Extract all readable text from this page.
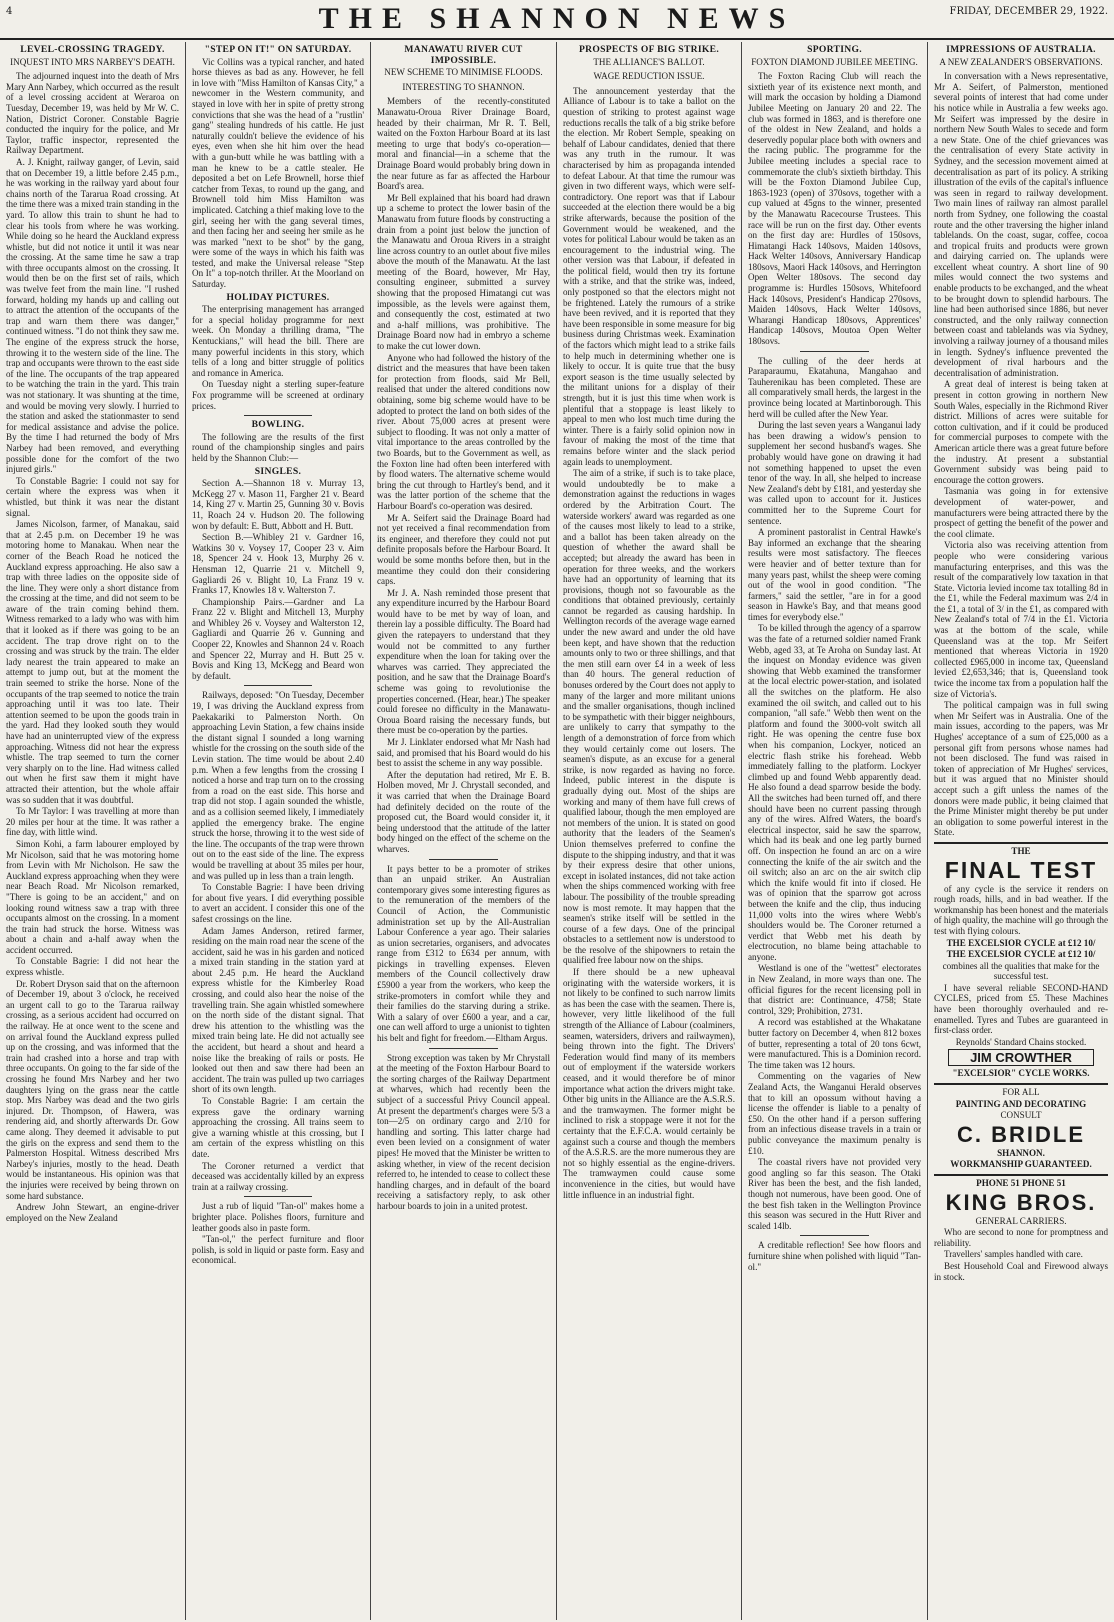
4	THE SHANNON NEWS	FRIDAY, DECEMBER 29, 1922.

LEVEL-CROSSING TRAGEDY.

INQUEST INTO MRS NARBEY'S DEATH.

The adjourned inquest into the death of Mrs Mary Ann Narbey, which occurred as the result of a level crossing accident at Weraroa on Tuesday, December 19, was held by Mr W. C. Nation, District Coroner. Constable Bagrie conducted the inquiry for the police, and Mr Taylor, traffic inspector, represented the Railway Department.

A. J. Knight, railway ganger, of Levin, said that on December 19, a little before 2.45 p.m., he was working in the railway yard about four chains north of the Tararua Road crossing. At the time there was a mixed train standing in the yard. To allow this train to shunt he had to clear his tools from where he was working. While doing so he heard the Auckland express whistle, but did not notice it until it was near the crossing. At the same time he saw a trap with three occupants almost on the crossing. It would then be on the first set of rails, which was twelve feet from the main line. "I rushed forward, holding my hands up and calling out to attract the attention of the occupants of the trap and warn them there was danger," continued witness. "I do not think they saw me. The engine of the express struck the horse, throwing it to the western side of the line. The trap and occupants were thrown to the east side of the line. The occupants of the trap appeared to be watching the train in the yard. This train was not stationary. It was shunting at the time, and would be moving very slowly. I hurried to the station and asked the stationmaster to send for medical assistance and advise the police. By the time I had returned the body of Mrs Narbey had been removed, and everything possible done for the comfort of the two injured girls."

To Constable Bagrie: I could not say for certain where the express was when it whistled, but think it was near the distant signal.

James Nicolson, farmer, of Manakau, said that at 2.45 p.m. on December 19 he was motoring home to Manakau. When near the corner of the Beach Road he noticed the Auckland express approaching. He also saw a trap with three ladies on the opposite side of the line. They were only a short distance from the crossing at the time, and did not seem to be aware of the train coming behind them. Witness remarked to a lady who was with him that it looked as if there was going to be an accident. The trap drove right on to the crossing and was struck by the train. The elder lady nearest the train appeared to make an attempt to jump out, but at the moment the train seemed to strike the horse. None of the occupants of the trap seemed to notice the train approaching until it was too late. Their attention seemed to be upon the goods train in the yard. Had they looked south they would have had an uninterrupted view of the express approaching. Witness did not hear the express whistle. The trap seemed to turn the corner very sharply on to the line. Had witness called out when he first saw them it might have attracted their attention, but the whole affair was so sudden that it was doubtful.

To Mr Taylor: I was travelling at more than 20 miles per hour at the time. It was rather a fine day, with little wind.

Simon Kohi, a farm labourer employed by Mr Nicolson, said that he was motoring home from Levin with Mr Nicholson. He saw the Auckland express approaching when they were near Beach Road. Mr Nicolson remarked, "There is going to be an accident," and on looking round witness saw a trap with three occupants almost on the crossing. In a moment the train had struck the horse. Witness was about a chain and a-half away when the accident occurred.

To Constable Bagrie: I did not hear the express whistle.

Dr. Robert Dryson said that on the afternoon of December 19, about 3 o'clock, he received an urgent call to go to the Tararua railway crossing, as a serious accident had occurred on the railway. He at once went to the scene and on arrival found the Auckland express pulled up on the crossing, and was informed that the train had crashed into a horse and trap with three occupants. On going to the far side of the crossing he found Mrs Narbey and her two daughters lying on the grass near the cattle stop. Mrs Narbey was dead and the two girls injured. Dr. Thompson, of Hawera, was rendering aid, and shortly afterwards Dr. Gow came along. They deemed it advisable to put the girls on the express and send them to the Palmerston Hospital. Witness described Mrs Narbey's injuries, mostly to the head. Death would be instantaneous. His opinion was that the injuries were received by being thrown on some hard substance.

Andrew John Stewart, an engine-driver employed on the New Zealand

"STEP ON IT!" ON SATURDAY.

Vic Collins was a typical rancher, and hated horse thieves as bad as any. However, he fell in love with "Miss Hamilton of Kansas City," a newcomer in the Western community, and stayed in love with her in spite of pretty strong convictions that she was the head of a "rustlin' gang" stealing hundreds of his cattle. He just naturally couldn't believe the evidence of his eyes, even when she hit him over the head with a gun-butt while he was battling with a man he knew to be a cattle stealer. He deposited a bet on Lefe Brownell, horse thief catcher from Texas, to round up the gang, and Brownell told him Miss Hamilton was implicated. Catching a thief making love to the girl, seeing her with the gang several times, and then facing her and seeing her smile as he was marked "next to be shot" by the gang, were some of the ways in which his faith was tested, and make the Universal release "Step On It" a top-notch thriller. At the Moorland on Saturday.

HOLIDAY PICTURES.

The enterprising management has arranged for a special holiday programme for next week. On Monday a thrilling drama, "The Kentuckians," will head the bill. There are many powerful incidents in this story, which tells of a long and bitter struggle of politics and romance in America.

On Tuesday night a sterling super-feature Fox programme will be screened at ordinary prices.

BOWLING.

The following are the results of the first round of the championship singles and pairs held by the Shannon Club:—

SINGLES.

Section A.—Shannon 18 v. Murray 13, McKegg 27 v. Mason 11, Fargher 21 v. Beard 14, King 27 v. Martin 25, Gunning 30 v. Bovis 11, Roach 24 v. Hudson 20. The following won by default: E. Butt, Abbott and H. Butt.

Section B.—Whibley 21 v. Gardner 16, Watkins 30 v. Voysey 17, Cooper 23 v. Aim 18, Spencer 24 v. Hook 13, Murphy 26 v. Hensman 12, Quarrie 21 v. Mitchell 9, Gagliardi 26 v. Blight 10, La Franz 19 v. Franks 17, Knowles 18 v. Walterston 7.

Championship Pairs.—Gardner and La Franz 22 v. Blight and Mitchell 13, Murphy and Whibley 26 v. Voysey and Walterston 12, Gagliardi and Quarrie 26 v. Gunning and Cooper 22, Knowles and Shannon 24 v. Roach and Spencer 22, Murray and H. Butt 25 v. Bovis and King 13, McKegg and Beard won by default.

Railways, deposed: "On Tuesday, December 19, I was driving the Auckland express from Paekakariki to Palmerston North. On approaching Levin Station, a few chains inside the distant signal I sounded a long warning whistle for the crossing on the south side of the Levin station. The time would be about 2.40 p.m. When a few lengths from the crossing I noticed a horse and trap turn on to the crossing from a road on the east side. This horse and trap did not stop. I again sounded the whistle, and as a collision seemed likely, I immediately applied the emergency brake. The engine struck the horse, throwing it to the west side of the line. The occupants of the trap were thrown out on to the east side of the line. The express would be travelling at about 35 miles per hour, and was pulled up in less than a train length.

To Constable Bagrie: I have been driving for about five years. I did everything possible to avert an accident. I consider this one of the safest crossings on the line.

Adam James Anderson, retired farmer, residing on the main road near the scene of the accident, said he was in his garden and noticed a mixed train standing in the station yard at about 2.45 p.m. He heard the Auckland express whistle for the Kimberley Road crossing, and could also hear the noise of the travelling train. She again whistled somewhere on the north side of the distant signal. That drew his attention to the whistling was the mixed train being late. He did not actually see the accident, but heard a shout and heard a noise like the breaking of rails or posts. He looked out then and saw there had been an accident. The train was pulled up two carriages short of its own length.

To Constable Bagrie: I am certain the express gave the ordinary warning approaching the crossing. All trains seem to give a warning whistle at this crossing, but I am certain of the express whistling on this date.

The Coroner returned a verdict that deceased was accidentally killed by an express train at a railway crossing.

Just a rub of liquid "Tan-ol" makes home a brighter place. Polishes floors, furniture and leather goods also in paste form.

"Tan-ol," the perfect furniture and floor polish, is sold in liquid or paste form. Easy and economical.

MANAWATU RIVER CUT IMPOSSIBLE.

NEW SCHEME TO MINIMISE FLOODS.

INTERESTING TO SHANNON.

Members of the recently-constituted Manawatu-Oroua River Drainage Board, headed by their chairman, Mr R. T. Bell, waited on the Foxton Harbour Board at its last meeting to urge that body's co-operation—moral and financial—in a scheme that the Drainage Board would probably bring down in the near future as far as affected the Harbour Board's area.

Mr Bell explained that his board had drawn up a scheme to protect the lower basin of the Manawatu from future floods by constructing a drain from a point just below the junction of the Manawatu and Oroua Rivers in a straight line across country to an outlet about five miles above the mouth of the Manawatu. At the last meeting of the Board, however, Mr Hay, consulting engineer, submitted a survey showing that the proposed Himatangi cut was impossible, as the levels were against them, and consequently the cost, estimated at two and a-half millions, was prohibitive. The Drainage Board now had in embryo a scheme to make the cut lower down.

Anyone who had followed the history of the district and the measures that have been taken for protection from floods, said Mr Bell, realised that under the altered conditions now obtaining, some big scheme would have to be adopted to protect the land on both sides of the river. About 75,000 acres at present were subject to flooding. It was not only a matter of vital importance to the areas controlled by the two Boards, but to the Government as well, as the Foxton line had often been interfered with by flood waters. The alternative scheme would bring the cut through to Hartley's bend, and it was the latter portion of the scheme that the Harbour Board's co-operation was desired.

Mr A. Seifert said the Drainage Board had not yet received a final recommendation from its engineer, and therefore they could not put definite proposals before the Harbour Board. It would be some months before then, but in the meantime they could don their considering caps.

Mr J. A. Nash reminded those present that any expenditure incurred by the Harbour Board would have to be met by way of loan, and therein lay a possible difficulty. The Board had given the ratepayers to understand that they would not be committed to any further expenditure when the loan for taking over the wharves was carried. They appreciated the position, and he saw that the Drainage Board's scheme was going to revolutionise the properties concerned. (Hear, hear.) The speaker could foresee no difficulty in the Manawatu-Oroua Board raising the necessary funds, but there must be co-operation by the parties.

Mr J. Linklater endorsed what Mr Nash had said, and promised that his Board would do his best to assist the scheme in any way possible.

After the deputation had retired, Mr E. B. Holben moved, Mr J. Chrystall seconded, and it was carried that when the Drainage Board had definitely decided on the route of the proposed cut, the Board would consider it, it being understood that the attitude of the latter body hinged on the effect of the scheme on the wharves.

It pays better to be a promoter of strikes than an unpaid striker. An Australian contemporary gives some interesting figures as to the remuneration of the members of the Council of Action, the Communistic administration set up by the All-Australian Labour Conference a year ago. Their salaries as union secretaries, organisers, and advocates range from £312 to £634 per annum, with pickings in travelling expenses. Eleven members of the Council collectively draw £5900 a year from the workers, who keep the strike-promoters in comfort while they and their families do the starving during a strike. With a salary of over £600 a year, and a car, one can well afford to urge a unionist to tighten his belt and fight for freedom.—Eltham Argus.

Strong exception was taken by Mr Chrystall at the meeting of the Foxton Harbour Board to the sorting charges of the Railway Department at wharves, which had recently been the subject of a successful Privy Council appeal. At present the department's charges were 5/3 a ton—2/5 on ordinary cargo and 2/10 for handling and sorting. This latter charge had even been levied on a consignment of water pipes! He moved that the Minister be written to asking whether, in view of the recent decision referred to, he intended to cease to collect these handling charges, and in default of the board receiving a satisfactory reply, to ask other harbour boards to join in a united protest.

PROSPECTS OF BIG STRIKE.

THE ALLIANCE'S BALLOT.

WAGE REDUCTION ISSUE.

The announcement yesterday that the Alliance of Labour is to take a ballot on the question of striking to protest against wage reductions recalls the talk of a big strike before the election. Mr Robert Semple, speaking on behalf of Labour candidates, denied that there was any truth in the rumour. It was characterised by him as propaganda intended to defeat Labour. At that time the rumour was given in two different ways, which were self-contradictory. One report was that if Labour succeeded at the election there would be a big strike afterwards, because the position of the Government would be weakened, and the votes for political Labour would be taken as an encouragement to the industrial wing. The other version was that Labour, if defeated in the political field, would then try its fortune with a strike, and that the strike was, indeed, only postponed so that the electors might not be frightened. Lately the rumours of a strike have been revived, and it is reported that they have been responsible in some measure for big business during Christmas week. Examination of the factors which might lead to a strike fails to help much in determining whether one is likely to occur. It is quite true that the busy export season is the time usually selected by the militant unions for a display of their strength, but it is just this time when work is plentiful that a stoppage is least likely to appeal to men who lost much time during the winter. There is a fairly solid opinion now in favour of making the most of the time that remains before winter and the slack period again leads to unemployment.

The aim of a strike, if such is to take place, would undoubtedly be to make a demonstration against the reductions in wages ordered by the Arbitration Court. The waterside workers' award was regarded as one of the causes most likely to lead to a strike, and a ballot has been taken already on the question of whether the award shall be accepted; but already the award has been in operation for three weeks, and the workers have had an opportunity of learning that its provisions, though not so favourable as the conditions that obtained previously, certainly cannot be regarded as causing hardship. In Wellington records of the average wage earned under the new award and under the old have been kept, and have shown that the reduction amounts only to two or three shillings, and that the men still earn over £4 in a week of less than 40 hours. The general reduction of bonuses ordered by the Court does not apply to many of the larger and more militant unions and the smaller organisations, though inclined to be sympathetic with their bigger neighbours, are unlikely to carry that sympathy to the length of a demonstration of force from which they would certainly come out losers. The seamen's dispute, as an excuse for a general strike, is now regarded as having no force. Indeed, public interest in the dispute is gradually dying out. Most of the ships are working and many of them have full crews of qualified labour, though the men employed are not members of the union. It is stated on good authority that the leaders of the Seamen's Union themselves preferred to confine the dispute to the shipping industry, and that it was by their express desire that other unions, except in isolated instances, did not take action when the ships commenced working with free labour. The possibility of the trouble spreading now is most remote. It may happen that the seamen's strike itself will be settled in the course of a few days. One of the principal obstacles to a settlement now is understood to be the resolve of the shipowners to retain the qualified free labour now on the ships.

If there should be a new upheaval originating with the waterside workers, it is not likely to be confined to such narrow limits as has been the case with the seamen. There is, however, very little likelihood of the full strength of the Alliance of Labour (coalminers, seamen, watersiders, drivers and railwaymen), being thrown into the fight. The Drivers' Federation would find many of its members out of employment if the waterside workers ceased, and it would therefore be of minor importance what action the drivers might take. Other big units in the Alliance are the A.S.R.S. and the tramwaymen. The former might be inclined to risk a stoppage were it not for the certainty that the E.F.C.A. would certainly be against such a course and though the members of the A.S.R.S. are the more numerous they are not so highly essential as the engine-drivers. The tramwaymen could cause some inconvenience in the cities, but would have little influence in an industrial fight.

SPORTING.

FOXTON DIAMOND JUBILEE MEETING.

The Foxton Racing Club will reach the sixtieth year of its existence next month, and will mark the occasion by holding a Diamond Jubilee Meeting on January 20 and 22. The club was formed in 1863, and is therefore one of the oldest in New Zealand, and holds a deservedly popular place both with owners and the racing public. The programme for the Jubilee meeting includes a special race to commemorate the club's sixtieth birthday. This will be the Foxton Diamond Jubilee Cup, 1863-1923 (open) of 370sovs, together with a cup valued at 45gns to the winner, presented by the Manawatu Racecourse Trustees. This race will be run on the first day. Other events on the first day are: Hurdles of 150sovs, Himatangi Hack 140sovs, Maiden 140sovs, Hack Welter 140sovs, Anniversary Handicap 180sovs, Maori Hack 140sovs, and Herrington Open Welter 180sovs. The second day programme is: Hurdles 150sovs, Whitefoord Hack 140sovs, President's Handicap 270sovs, Maiden 140sovs, Hack Welter 140sovs, Wharangi Handicap 180sovs, Apprentices' Handicap 140sovs, Moutoa Open Welter 180sovs.

The culling of the deer herds at Paraparaumu, Ekatahuna, Mangahao and Tauherenikau has been completed. These are all comparatively small herds, the largest in the province being located at Martinborough. This herd will be culled after the New Year.

During the last seven years a Wanganui lady has been drawing a widow's pension to supplement her second husband's wages. She probably would have gone on drawing it had not something happened to upset the even tenor of the way. In all, she helped to increase New Zealand's debt by £181, and yesterday she was called upon to account for it. Justices committed her to the Supreme Court for sentence.

A prominent pastoralist in Central Hawke's Bay informed an exchange that the shearing results were most satisfactory. The fleeces were heavier and of better texture than for many years past, whilst the sheep were coming out of the wool in good condition. "The farmers," said the settler, "are in for a good season in Hawke's Bay, and that means good times for everybody else."

To be killed through the agency of a sparrow was the fate of a returned soldier named Frank Webb, aged 33, at Te Aroha on Sunday last. At the inquest on Monday evidence was given showing that Webb examined the transformer at the local electric power-station, and isolated all the switches on the platform. He also examined the oil switch, and called out to his companion, "all safe." Webb then went on the platform and found the 3000-volt switch all right. He was opening the centre fuse box when his companion, Lockyer, noticed an electric flash strike his forehead. Webb immediately falling to the platform. Lockyer climbed up and found Webb apparently dead. He also found a dead sparrow beside the body. All the switches had been turned off, and there should have been no current passing through any of the wires. Alfred Waters, the board's electrical inspector, said he saw the sparrow, which had its beak and one leg partly burned off. On inspection he found an arc on a wire connecting the knife of the air switch and the oil switch; also an arc on the air switch clip which the knife would fit into if closed. He was of opinion that the sparrow got across between the knife and the clip, thus inducing 11,000 volts into the wires where Webb's shoulders would be. The Coroner returned a verdict that Webb met his death by electrocution, no blame being attachable to anyone.

Westland is one of the "wettest" electorates in New Zealand, in more ways than one. The official figures for the recent licensing poll in that district are: Continuance, 4758; State control, 329; Prohibition, 2731.

A record was established at the Whakatane butter factory on December 4, when 812 boxes of butter, representing a total of 20 tons 6cwt, were manufactured. This is a Dominion record. The time taken was 12 hours.

Commenting on the vagaries of New Zealand Acts, the Wanganui Herald observes that to kill an opossum without having a license the offender is liable to a penalty of £50. On the other hand if a person suffering from an infectious disease travels in a train or public conveyance the maximum penalty is £10.

The coastal rivers have not provided very good angling so far this season. The Otaki River has been the best, and the fish landed, though not numerous, have been good. One of the best fish taken in the Wellington Province this season was secured in the Hutt River and scaled 14lb.

A creditable reflection! See how floors and furniture shine when polished with liquid "Tan-ol."

IMPRESSIONS OF AUSTRALIA.

A NEW ZEALANDER'S OBSERVATIONS.

In conversation with a News representative, Mr A. Seifert, of Palmerston, mentioned several points of interest that had come under his notice while in Australia a few weeks ago. Mr Seifert was impressed by the desire in northern New South Wales to secede and form a new State. One of the chief grievances was the centralisation of every State activity in Sydney, and the secession movement aimed at decentralisation as part of its policy. A striking illustration of the evils of the capital's influence was seen in regard to railway development. Two main lines of railway ran almost parallel north from Sydney, one following the coastal route and the other traversing the higher inland tablelands. On the coast, sugar, coffee, cocoa and tropical fruits and products were grown and dairying carried on. The uplands were excellent wheat country. A short line of 90 miles would connect the two systems and enable products to be exchanged, and the wheat to be brought down to splendid harbours. The line had been authorised since 1886, but never constructed, and the only railway connection between coast and tablelands was via Sydney, involving a railway journey of a thousand miles in length. Sydney's influence prevented the development of rival harbours and the decentralisation of administration.

A great deal of interest is being taken at present in cotton growing in northern New South Wales, especially in the Richmond River district. Millions of acres were suitable for cotton cultivation, and if it could be produced for commercial purposes to compete with the American article there was a great future before the industry. At present a substantial Government subsidy was being paid to encourage the cotton growers.

Tasmania was going in for extensive development of water-power, and manufacturers were being attracted there by the prospect of getting the benefit of the power and the cool climate.

Victoria also was receiving attention from people who were considering various manufacturing enterprises, and this was the result of the comparatively low taxation in that State. Victoria levied income tax totalling 8d in the £1, while the Federal maximum was 2/4 in the £1, a total of 3/ in the £1, as compared with New Zealand's total of 7/4 in the £1. Victoria was at the bottom of the scale, while Queensland was at the top. Mr Seifert mentioned that whereas Victoria in 1920 collected £965,000 in income tax, Queensland levied £2,653,346; that is, Queensland took twice the income tax from a population half the size of Victoria's.

The political campaign was in full swing when Mr Seifert was in Australia. One of the main issues, according to the papers, was Mr Hughes' acceptance of a sum of £25,000 as a personal gift from persons whose names had not been disclosed. The fund was raised in token of appreciation of Mr Hughes' services, but it was argued that no Minister should accept such a gift unless the names of the donors were made public, it being claimed that the Prime Minister might thereby be put under an obligation to some powerful interest in the State.

THE

FINAL TEST

of any cycle is the service it renders on rough roads, hills, and in bad weather. If the workmanship has been honest and the materials of high quality, the machine will go through the test with flying colours.

THE EXCELSIOR CYCLE at £12 10/

THE EXCELSIOR CYCLE at £12 10/

combines all the qualities that make for the successful test.

I have several reliable SECOND-HAND CYCLES, priced from £5. These Machines have been thoroughly overhauled and re-enamelled. Tyres and Tubes are guaranteed in first-class order.

Reynolds' Standard Chains stocked.

JIM CROWTHER

"EXCELSIOR" CYCLE WORKS.

FOR ALL

PAINTING AND DECORATING

CONSULT

C. BRIDLE

SHANNON.

WORKMANSHIP GUARANTEED.

PHONE 51 PHONE 51

KING BROS.

GENERAL CARRIERS.

Who are second to none for promptness and reliability.

Travellers' samples handled with care.

Best Household Coal and Firewood always in stock.
